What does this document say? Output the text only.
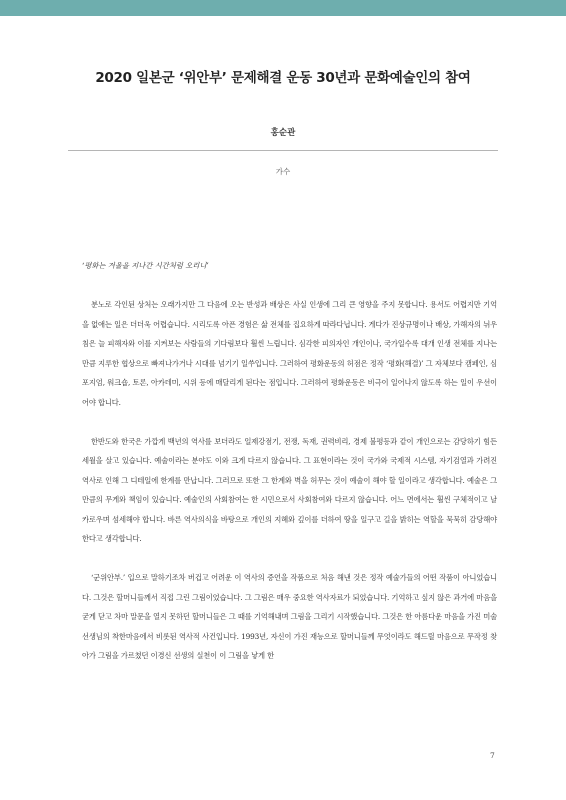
2020 일본군 ‘위안부’ 문제해결 운동 30년과 문화예술인의 참여
홍순관
가수

‘평화는 겨울을 지나간 시간처럼 오리니’

분노로 각인된 상처는 오래가지만 그 다음에 오는 반성과 배상은 사실 인생에 그리 큰 영향을 주지 못합니다. 용서도 어렵지만 기억을 없애는 일은 더더욱 어렵습니다. 시리도록 아픈 경험은 삶 전체를 집요하게 따라다닙니다. 게다가 진상규명이나 배상, 가해자의 뉘우침은 늘 피해자와 이를 지켜보는 사람들의 기다림보다 훨씬 느립니다. 심각한 피의자인 개인이나, 국가일수록 대개 인생 전체를 지나는 만큼 지루한 협상으로 빠져나가거나 시대를 넘기기 일쑤입니다. 그러하여 평화운동의 허점은 정작 ‘평화(해결)’ 그 자체보다 캠페인, 심포지엄, 워크숍, 토론, 아카데미, 시위 등에 매달리게 된다는 점입니다. 그러하여 평화운동은 비극이 일어나지 않도록 하는 일이 우선이어야 합니다.

한반도와 한국은 가깝게 백년의 역사를 보더라도 일제강점기, 전쟁, 독재, 권력비리, 경제 불평등과 같이 개인으로는 감당하기 힘든 세월을 살고 있습니다. 예술이라는 분야도 이와 크게 다르지 않습니다. 그 표현이라는 것이 국가와 국제적 시스템, 자기검열과 가려진 역사로 인해 그 디테일에 한계를 만납니다. 그러므로 또한 그 한계와 벽을 허무는 것이 예술이 해야 할 일이라고 생각합니다. 예술은 그만큼의 무게와 책임이 있습니다. 예술인의 사회참여는 한 시민으로서 사회참여와 다르지 않습니다. 어느 면에서는 훨씬 구체적이고 날카로우며 섬세해야 합니다. 바른 역사의식을 바탕으로 개인의 지혜와 깊이를 더하여 땅을 일구고 길을 밝히는 역할을 묵묵히 감당해야 한다고 생각합니다.

‘군위안부.’ 입으로 말하기조차 버겁고 어려운 이 역사의 증언을 작품으로 처음 해낸 것은 정작 예술가들의 어떤 작품이 아니었습니다. 그것은 할머니들께서 직접 그린 그림이었습니다. 그 그림은 매우 중요한 역사자료가 되었습니다. 기억하고 싶지 않은 과거에 마음을 굳게 닫고 차마 말문을 열지 못하던 할머니들은 그 때를 기억해내며 그림을 그리기 시작했습니다. 그것은 한 아름다운 마음을 가진 미술선생님의 착한마음에서 비롯된 역사적 사건입니다. 1993년, 자신이 가진 재능으로 할머니들께 무엇이라도 해드릴 마음으로 무작정 찾아가 그림을 가르쳤던 이경신 선생의 실천이 이 그림을 낳게 한

7
